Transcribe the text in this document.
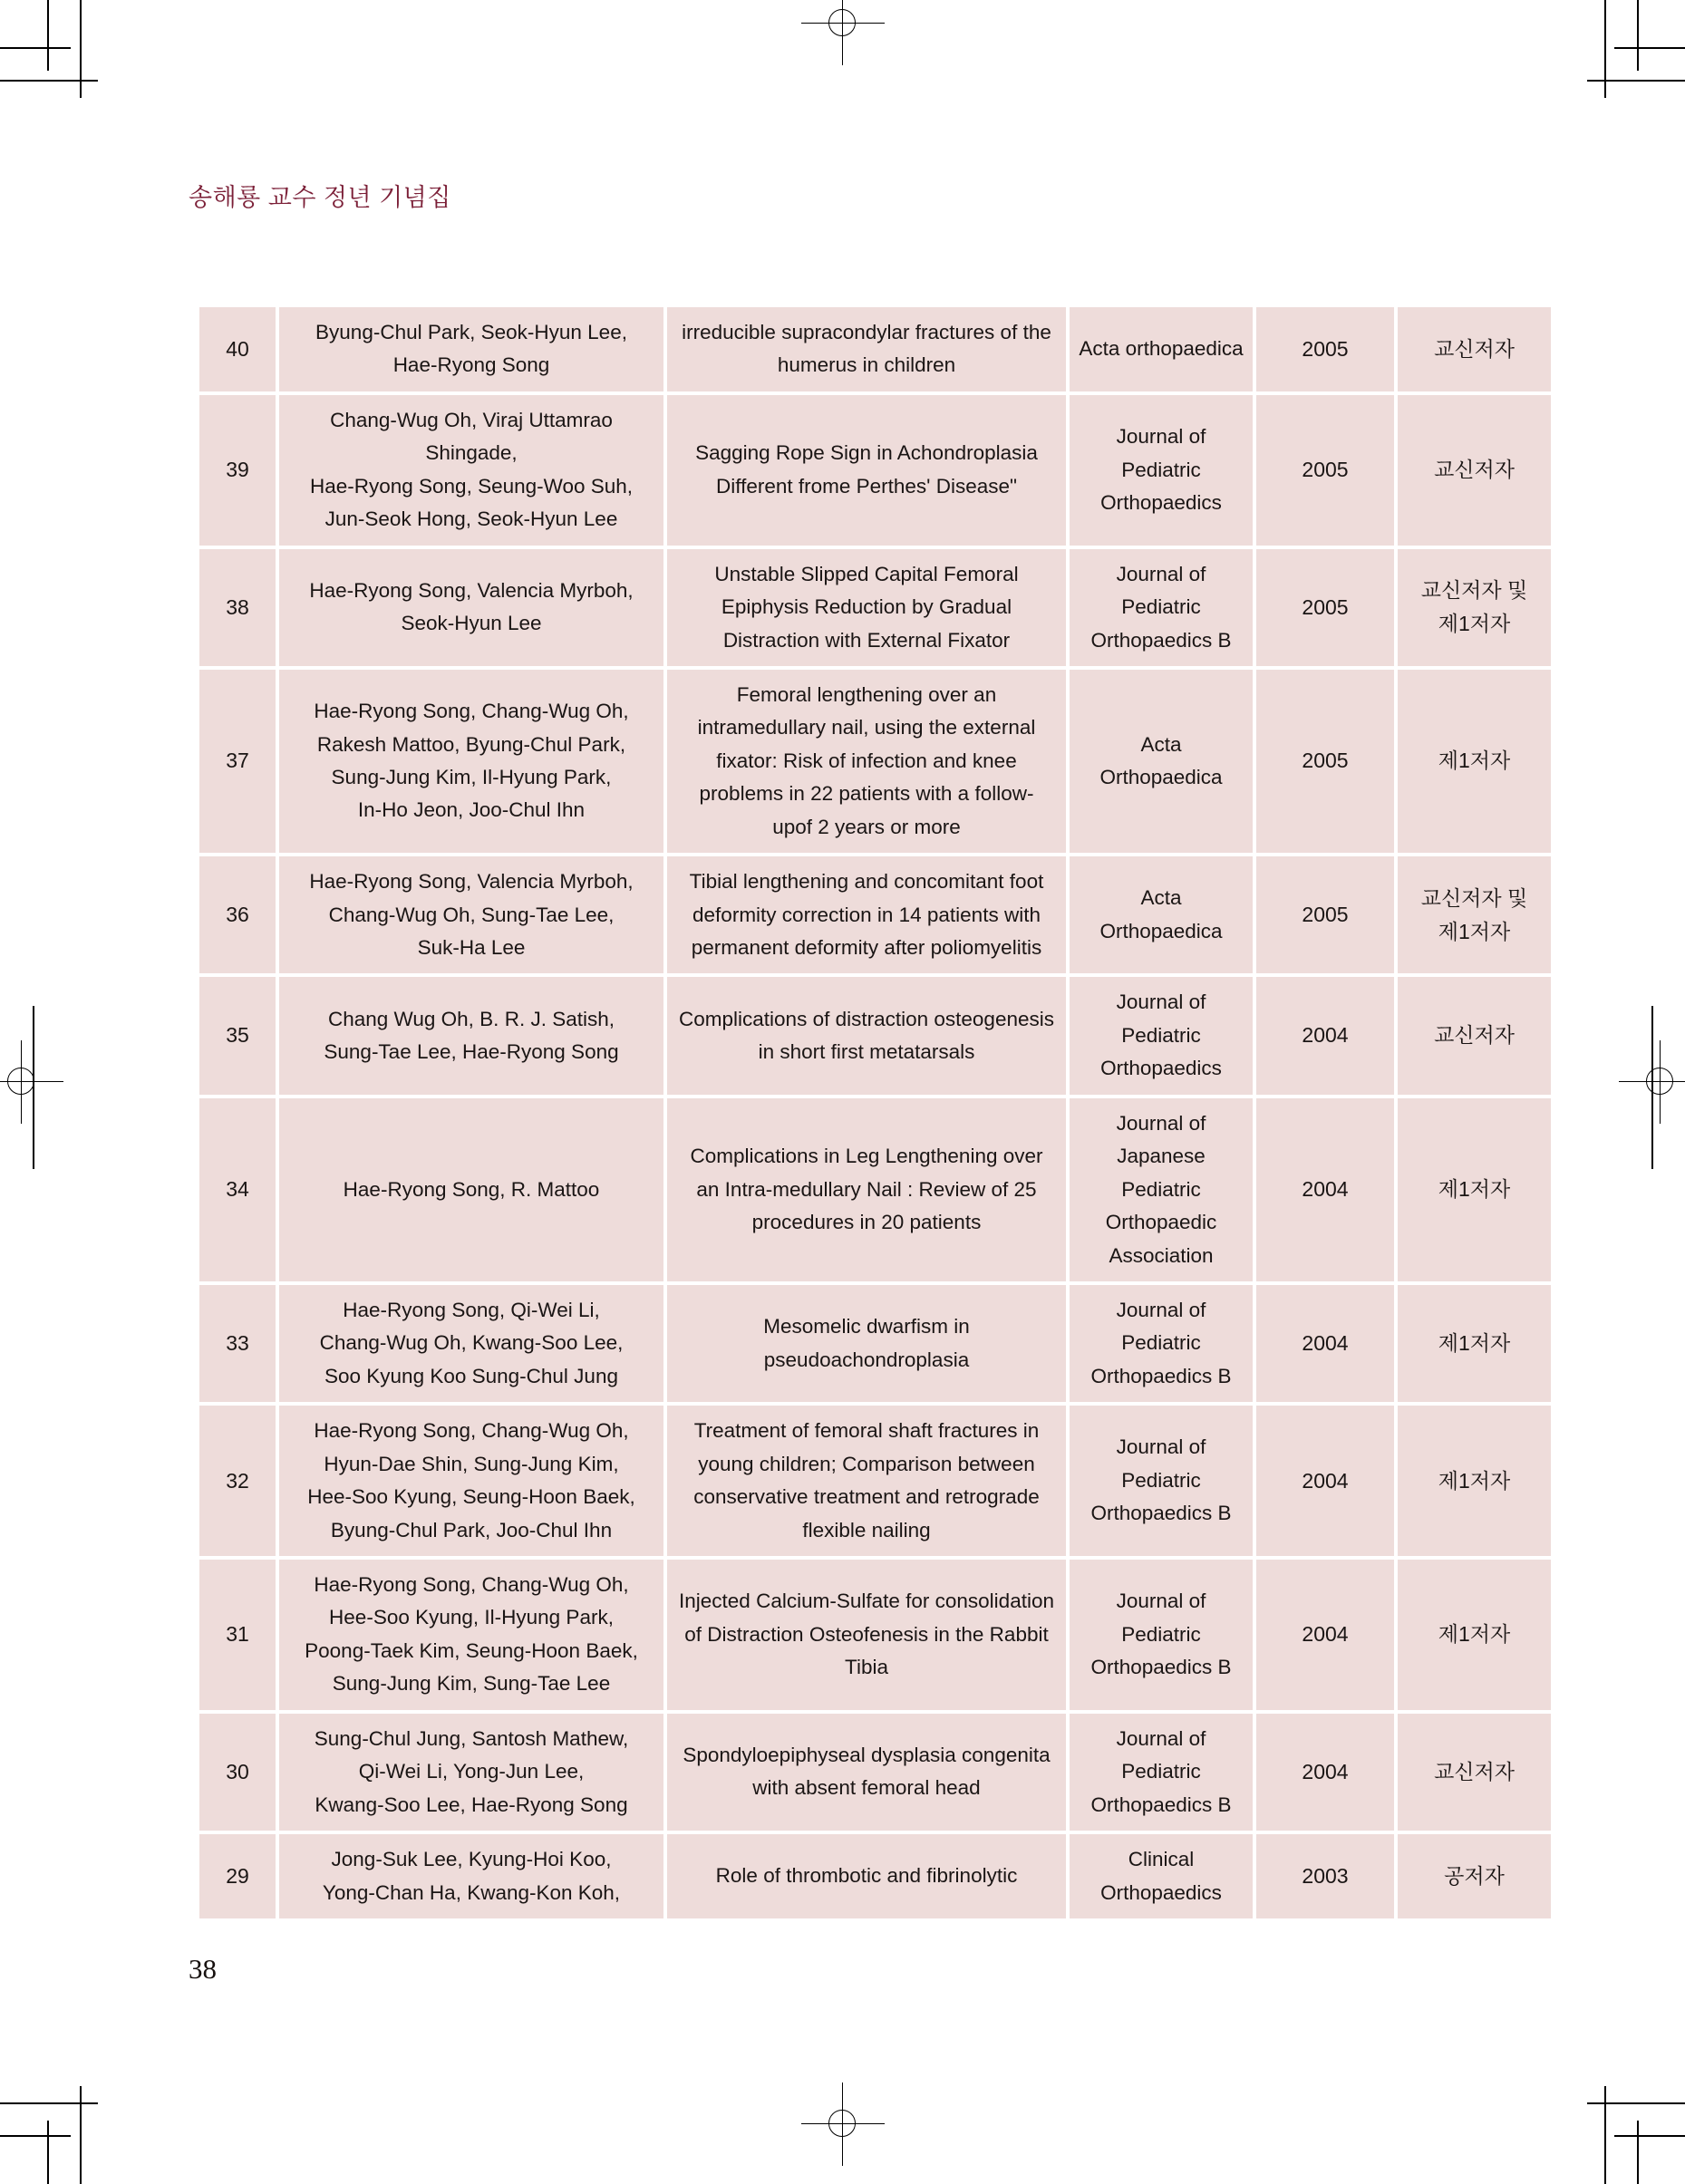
송해룡 교수 정년 기념집
40	Byung-Chul Park, Seok-Hyun Lee,
Hae-Ryong Song	irreducible supracondylar fractures of the
humerus in children	Acta orthopaedica	2005	교신저자
39	Chang-Wug Oh, Viraj Uttamrao Shingade,
Hae-Ryong Song, Seung-Woo Suh,
Jun-Seok Hong, Seok-Hyun Lee	Sagging Rope Sign in Achondroplasia
Different frome Perthes' Disease"	Journal of
Pediatric
Orthopaedics	2005	교신저자
38	Hae-Ryong Song, Valencia Myrboh,
Seok-Hyun Lee	Unstable Slipped Capital Femoral
Epiphysis Reduction by Gradual
Distraction with External Fixator	Journal of
Pediatric
Orthopaedics B	2005	교신저자 및
제1저자
37	Hae-Ryong Song, Chang-Wug Oh,
Rakesh Mattoo, Byung-Chul Park,
Sung-Jung Kim, Il-Hyung Park,
In-Ho Jeon, Joo-Chul Ihn	Femoral lengthening over an
intramedullary nail, using the external
fixator: Risk of infection and knee
problems in 22 patients with a follow-
upof 2 years or more	Acta
Orthopaedica	2005	제1저자
36	Hae-Ryong Song, Valencia Myrboh,
Chang-Wug Oh, Sung-Tae Lee,
Suk-Ha Lee	Tibial lengthening and concomitant foot
deformity correction in 14 patients with
permanent deformity after poliomyelitis	Acta
Orthopaedica	2005	교신저자 및
제1저자
35	Chang Wug Oh, B. R. J. Satish,
Sung-Tae Lee, Hae-Ryong Song	Complications of distraction osteogenesis
in short first metatarsals	Journal of
Pediatric
Orthopaedics	2004	교신저자
34	Hae-Ryong Song, R. Mattoo	Complications in Leg Lengthening over
an Intra-medullary Nail : Review of 25
procedures in 20 patients	Journal of
Japanese
Pediatric
Orthopaedic
Association	2004	제1저자
33	Hae-Ryong Song, Qi-Wei Li,
Chang-Wug Oh, Kwang-Soo Lee,
Soo Kyung Koo Sung-Chul Jung	Mesomelic dwarfism in
pseudoachondroplasia	Journal of
Pediatric
Orthopaedics B	2004	제1저자
32	Hae-Ryong Song, Chang-Wug Oh,
Hyun-Dae Shin, Sung-Jung Kim,
Hee-Soo Kyung, Seung-Hoon Baek,
Byung-Chul Park, Joo-Chul Ihn	Treatment of femoral shaft fractures in
young children; Comparison between
conservative treatment and retrograde
flexible nailing	Journal of
Pediatric
Orthopaedics B	2004	제1저자
31	Hae-Ryong Song, Chang-Wug Oh,
Hee-Soo Kyung, Il-Hyung Park,
Poong-Taek Kim, Seung-Hoon Baek,
Sung-Jung Kim, Sung-Tae Lee	Injected Calcium-Sulfate for consolidation
of Distraction Osteofenesis in the Rabbit
Tibia	Journal of
Pediatric
Orthopaedics B	2004	제1저자
30	Sung-Chul Jung, Santosh Mathew,
Qi-Wei Li, Yong-Jun Lee,
Kwang-Soo Lee, Hae-Ryong Song	Spondyloepiphyseal dysplasia congenita
with absent femoral head	Journal of
Pediatric
Orthopaedics B	2004	교신저자
29	Jong-Suk Lee, Kyung-Hoi Koo,
Yong-Chan Ha, Kwang-Kon Koh,	Role of thrombotic and fibrinolytic	Clinical
Orthopaedics	2003	공저자
38
